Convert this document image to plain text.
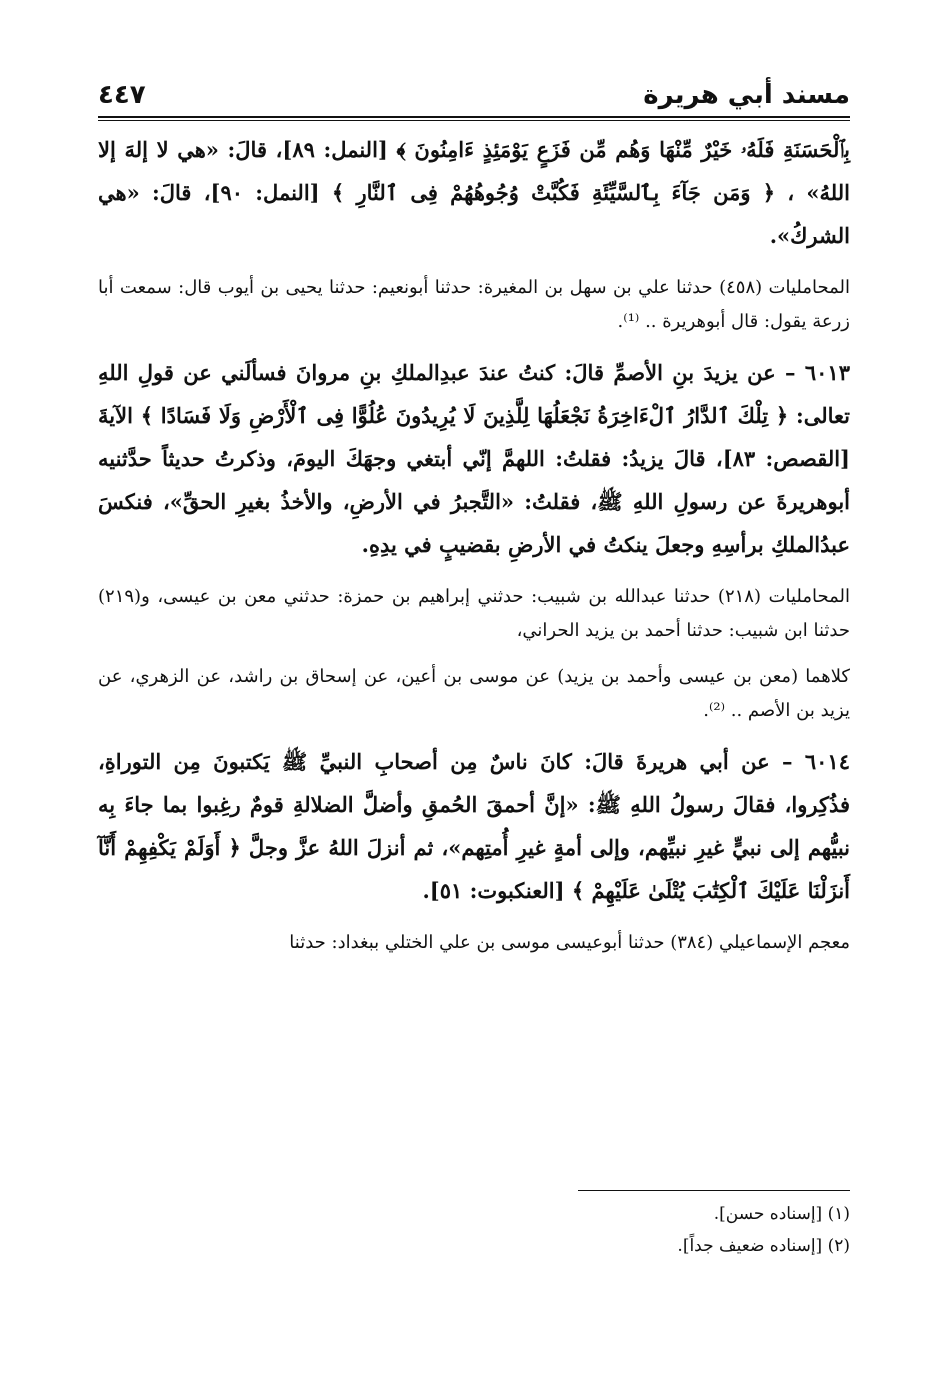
مسند أبي هريرة
٤٤٧

بِٱلْحَسَنَةِ فَلَهُۥ خَيْرٌ مِّنْهَا وَهُم مِّن فَزَعٍ يَوْمَئِذٍ ءَامِنُونَ ﴾ [النمل: ٨٩]، قالَ: «هي لا إلهَ إلا اللهُ» ، ﴿ وَمَن جَآءَ بِٱلسَّيِّئَةِ فَكُبَّتْ وُجُوهُهُمْ فِى ٱلنَّارِ ﴾ [النمل: ٩٠]، قالَ: «هي الشركُ».

المحامليات (٤٥٨) حدثنا علي بن سهل بن المغيرة: حدثنا أبونعيم: حدثنا يحيى بن أيوب قال: سمعت أبا زرعة يقول: قال أبوهريرة .. ⁽¹⁾.

٦٠١٣ – عن يزيدَ بنِ الأصمِّ قالَ: كنتُ عندَ عبدِالملكِ بنِ مروانَ فسألَني عن قولِ اللهِ تعالى: ﴿ تِلْكَ ٱلدَّارُ ٱلْءَاخِرَةُ نَجْعَلُهَا لِلَّذِينَ لَا يُرِيدُونَ عُلُوًّا فِى ٱلْأَرْضِ وَلَا فَسَادًا ﴾ الآيةَ [القصص: ٨٣]، قالَ يزيدُ: فقلتُ: اللهمَّ إنّي أبتغي وجهَكَ اليومَ، وذكرتُ حديثاً حدَّثنيه أبوهريرةَ عن رسولِ اللهِ ﷺ، فقلتُ: «التَّجبرُ في الأرضِ، والأخذُ بغيرِ الحقِّ»، فنكسَ عبدُالملكِ برأسِهِ وجعلَ ينكتُ في الأرضِ بقضيبٍ في يدِهِ.

المحامليات (٢١٨) حدثنا عبدالله بن شبيب: حدثني إبراهيم بن حمزة: حدثني معن بن عيسى، و(٢١٩) حدثنا ابن شبيب: حدثنا أحمد بن يزيد الحراني،

كلاهما (معن بن عيسى وأحمد بن يزيد) عن موسى بن أعين، عن إسحاق بن راشد، عن الزهري، عن يزيد بن الأصم .. ⁽²⁾.

٦٠١٤ – عن أبي هريرةَ قالَ: كانَ ناسٌ مِن أصحابِ النبيِّ ﷺ يَكتبونَ مِن التوراةِ، فذُكِروا، فقالَ رسولُ اللهِ ﷺ: «إنَّ أحمقَ الحُمقِ وأضلَّ الضلالةِ قومٌ رغِبوا بما جاءَ بِه نبيُّهم إلى نبيٍّ غيرِ نبيِّهم، وإلى أمةٍ غيرِ أُمتِهم»، ثم أنزلَ اللهُ عزَّ وجلَّ ﴿ أَوَلَمْ يَكْفِهِمْ أَنَّآ أَنزَلْنَا عَلَيْكَ ٱلْكِتَٰبَ يُتْلَىٰ عَلَيْهِمْ ﴾ [العنكبوت: ٥١].

معجم الإسماعيلي (٣٨٤) حدثنا أبوعيسى موسى بن علي الختلي ببغداد: حدثنا

(١) [إسناده حسن].

(٢) [إسناده ضعيف جداً].
